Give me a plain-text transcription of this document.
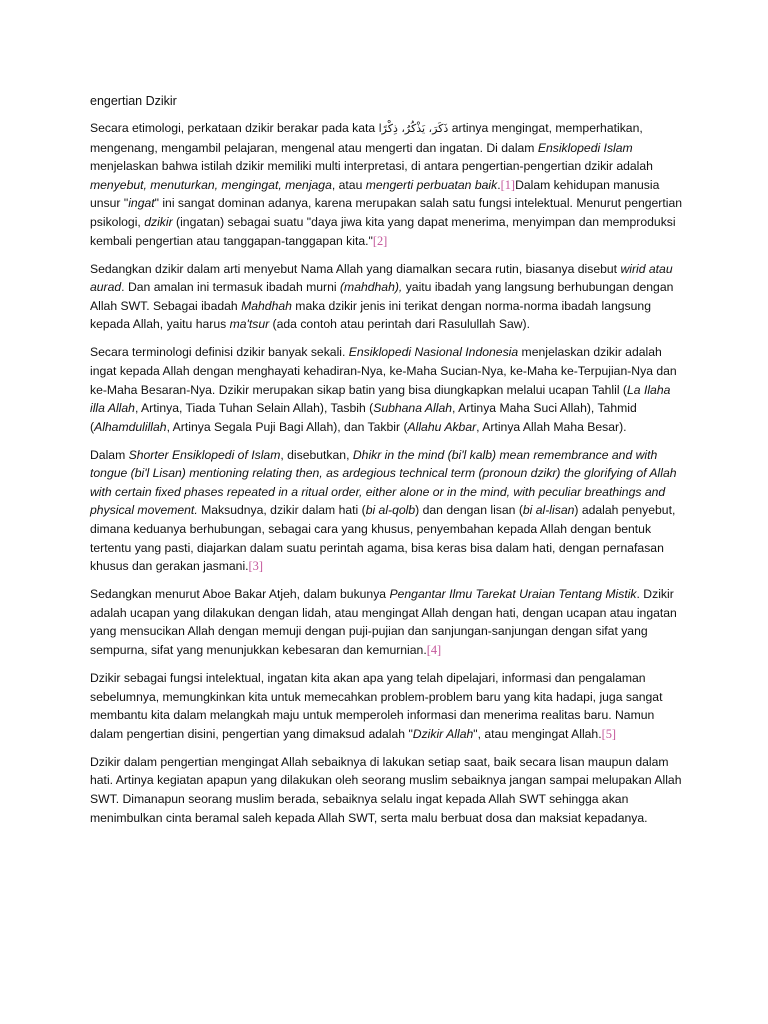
engertian Dzikir
Secara etimologi, perkataan dzikir berakar pada kata ذَكَرَ، يَذْكُرُ، ذِكْرًا artinya mengingat, memperhatikan, mengenang, mengambil pelajaran, mengenal atau mengerti dan ingatan. Di dalam Ensiklopedi Islam menjelaskan bahwa istilah dzikir memiliki multi interpretasi, di antara pengertian-pengertian dzikir adalah menyebut, menuturkan, mengingat, menjaga, atau mengerti perbuatan baik.[1]Dalam kehidupan manusia unsur "ingat" ini sangat dominan adanya, karena merupakan salah satu fungsi intelektual. Menurut pengertian psikologi, dzikir (ingatan) sebagai suatu "daya jiwa kita yang dapat menerima, menyimpan dan memproduksi kembali pengertian atau tanggapan-tanggapan kita."[2]
Sedangkan dzikir dalam arti menyebut Nama Allah yang diamalkan secara rutin, biasanya disebut wirid atau aurad. Dan amalan ini termasuk ibadah murni (mahdhah), yaitu ibadah yang langsung berhubungan dengan Allah SWT. Sebagai ibadah Mahdhah maka dzikir jenis ini terikat dengan norma-norma ibadah langsung kepada Allah, yaitu harus ma'tsur (ada contoh atau perintah dari Rasulullah Saw).
Secara terminologi definisi dzikir banyak sekali. Ensiklopedi Nasional Indonesia menjelaskan dzikir adalah ingat kepada Allah dengan menghayati kehadiran-Nya, ke-Maha Sucian-Nya, ke-Maha ke-Terpujian-Nya dan ke-Maha Besaran-Nya. Dzikir merupakan sikap batin yang bisa diungkapkan melalui ucapan Tahlil (La Ilaha illa Allah, Artinya, Tiada Tuhan Selain Allah), Tasbih (Subhana Allah, Artinya Maha Suci Allah), Tahmid (Alhamdulillah, Artinya Segala Puji Bagi Allah), dan Takbir (Allahu Akbar, Artinya Allah Maha Besar).
Dalam Shorter Ensiklopedi of Islam, disebutkan, Dhikr in the mind (bi'l kalb) mean remembrance and with tongue (bi'l Lisan) mentioning relating then, as ardegious technical term (pronoun dzikr) the glorifying of Allah with certain fixed phases repeated in a ritual order, either alone or in the mind, with peculiar breathings and physical movement. Maksudnya, dzikir dalam hati (bi al-qolb) dan dengan lisan (bi al-lisan) adalah penyebut, dimana keduanya berhubungan, sebagai cara yang khusus, penyembahan kepada Allah dengan bentuk tertentu yang pasti, diajarkan dalam suatu perintah agama, bisa keras bisa dalam hati, dengan pernafasan khusus dan gerakan jasmani.[3]
Sedangkan menurut Aboe Bakar Atjeh, dalam bukunya Pengantar Ilmu Tarekat Uraian Tentang Mistik. Dzikir adalah ucapan yang dilakukan dengan lidah, atau mengingat Allah dengan hati, dengan ucapan atau ingatan yang mensucikan Allah dengan memuji dengan puji-pujian dan sanjungan-sanjungan dengan sifat yang sempurna, sifat yang menunjukkan kebesaran dan kemurnian.[4]
Dzikir sebagai fungsi intelektual, ingatan kita akan apa yang telah dipelajari, informasi dan pengalaman sebelumnya, memungkinkan kita untuk memecahkan problem-problem baru yang kita hadapi, juga sangat membantu kita dalam melangkah maju untuk memperoleh informasi dan menerima realitas baru. Namun dalam pengertian disini, pengertian yang dimaksud adalah "Dzikir Allah", atau mengingat Allah.[5]
Dzikir dalam pengertian mengingat Allah sebaiknya di lakukan setiap saat, baik secara lisan maupun dalam hati. Artinya kegiatan apapun yang dilakukan oleh seorang muslim sebaiknya jangan sampai melupakan Allah SWT. Dimanapun seorang muslim berada, sebaiknya selalu ingat kepada Allah SWT sehingga akan menimbulkan cinta beramal saleh kepada Allah SWT, serta malu berbuat dosa dan maksiat kepadanya.
